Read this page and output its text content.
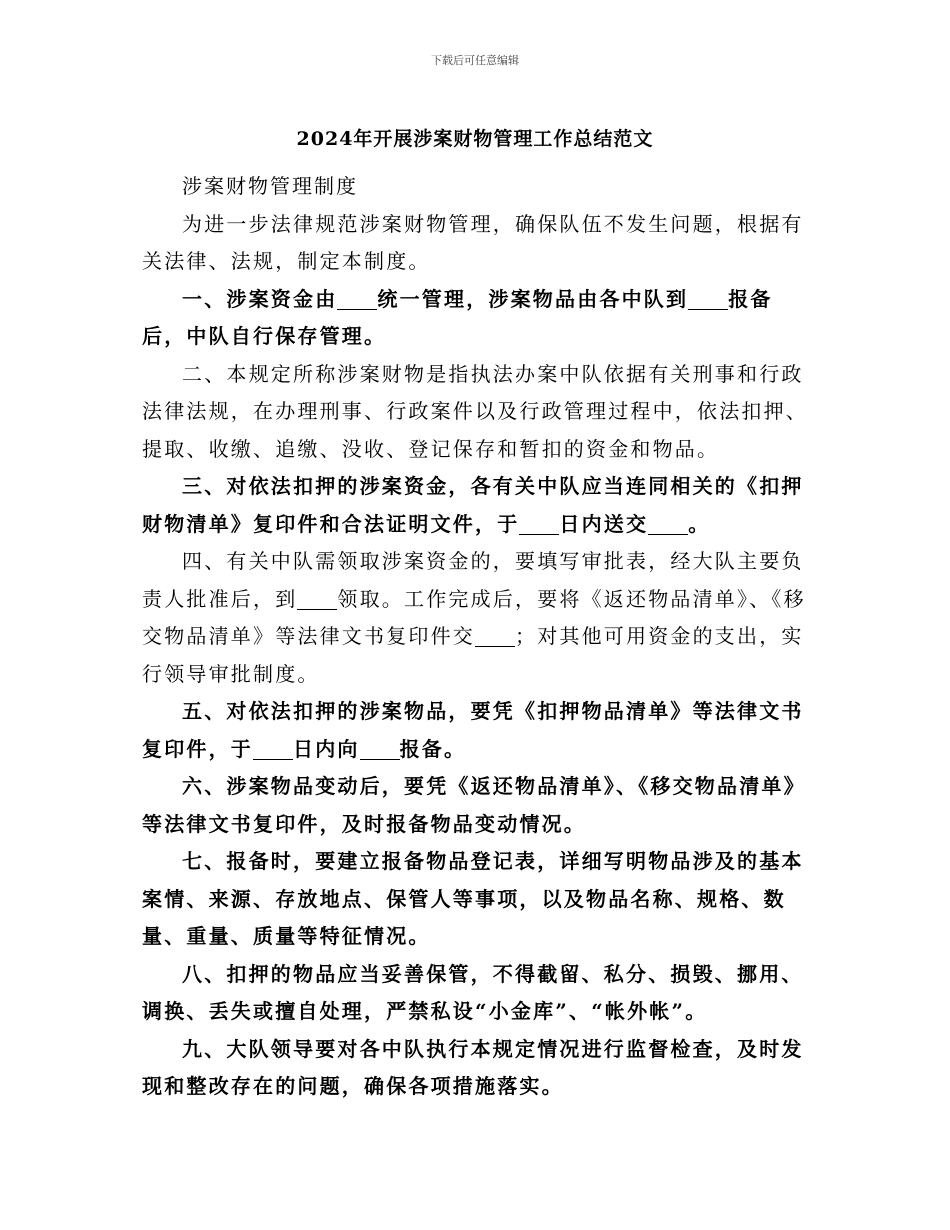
下载后可任意编辑
2024年开展涉案财物管理工作总结范文

涉案财物管理制度

为进一步法律规范涉案财物管理，确保队伍不发生问题，根据有关法律、法规，制定本制度。

一、涉案资金由 统一管理，涉案物品由各中队到 报备后，中队自行保存管理。

二、本规定所称涉案财物是指执法办案中队依据有关刑事和行政法律法规，在办理刑事、行政案件以及行政管理过程中，依法扣押、提取、收缴、追缴、没收、登记保存和暂扣的资金和物品。

三、对依法扣押的涉案资金，各有关中队应当连同相关的《扣押财物清单》复印件和合法证明文件，于 日内送交 。

四、有关中队需领取涉案资金的，要填写审批表，经大队主要负责人批准后，到 领取。工作完成后，要将《返还物品清单》、《移交物品清单》等法律文书复印件交 ；对其他可用资金的支出，实行领导审批制度。

五、对依法扣押的涉案物品，要凭《扣押物品清单》等法律文书复印件，于 日内向 报备。

六、涉案物品变动后，要凭《返还物品清单》、《移交物品清单》等法律文书复印件，及时报备物品变动情况。

七、报备时，要建立报备物品登记表，详细写明物品涉及的基本案情、来源、存放地点、保管人等事项，以及物品名称、规格、数量、重量、质量等特征情况。

八、扣押的物品应当妥善保管，不得截留、私分、损毁、挪用、调换、丢失或擅自处理，严禁私设“小金库”、“帐外帐”。

九、大队领导要对各中队执行本规定情况进行监督检查，及时发现和整改存在的问题，确保各项措施落实。
